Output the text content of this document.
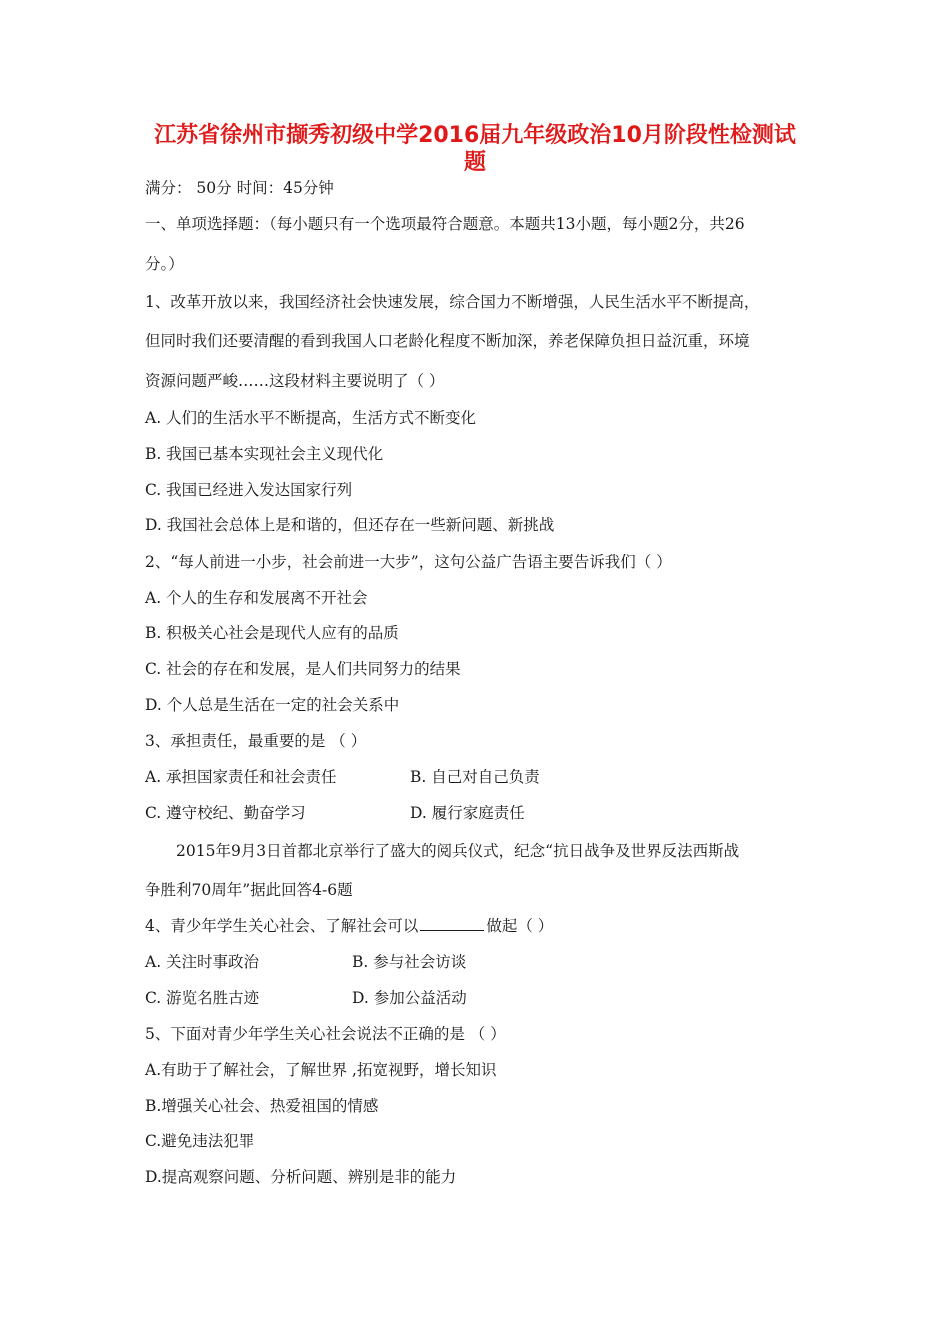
江苏省徐州市撷秀初级中学2016届九年级政治10月阶段性检测试
题
满分： 50分 时间：45分钟
一、单项选择题：（每小题只有一个选项最符合题意。本题共13小题，每小题2分，共26
分。）
1、改革开放以来，我国经济社会快速发展，综合国力不断增强，人民生活水平不断提高，
但同时我们还要清醒的看到我国人口老龄化程度不断加深，养老保障负担日益沉重，环境
资源问题严峻……这段材料主要说明了（ ）
A. 人们的生活水平不断提高，生活方式不断变化
B. 我国已基本实现社会主义现代化
C. 我国已经进入发达国家行列
D. 我国社会总体上是和谐的，但还存在一些新问题、新挑战
2、“每人前进一小步，社会前进一大步”，这句公益广告语主要告诉我们（ ）
A. 个人的生存和发展离不开社会
B. 积极关心社会是现代人应有的品质
C. 社会的存在和发展，是人们共同努力的结果
D. 个人总是生活在一定的社会关系中
3、承担责任，最重要的是 （ ）
A. 承担国家责任和社会责任	B. 自己对自己负责
C. 遵守校纪、勤奋学习	D. 履行家庭责任
2015年9月3日首都北京举行了盛大的阅兵仪式，纪念“抗日战争及世界反法西斯战
争胜利70周年”据此回答4-6题
4、青少年学生关心社会、了解社会可以	做起（ ）
A. 关注时事政治	B. 参与社会访谈
C. 游览名胜古迹	D. 参加公益活动
5、下面对青少年学生关心社会说法不正确的是 （ ）
A.有助于了解社会，了解世界 ,拓宽视野，增长知识
B.增强关心社会、热爱祖国的情感
C.避免违法犯罪
D.提高观察问题、分析问题、辨别是非的能力
